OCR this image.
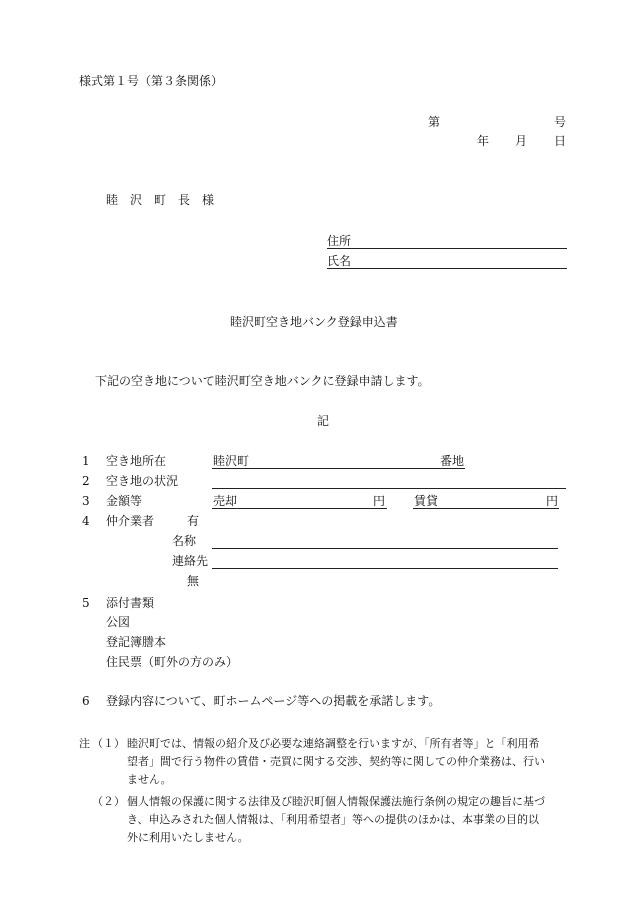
様式第１号（第３条関係）
第	号
年 月 日
睦　沢　町　長　様
住所
氏名
睦沢町空き地バンク登録申込書
下記の空き地について睦沢町空き地バンクに登録申請します。
記
1 空き地所在	睦沢町	番地
2 空き地の状況
3 金額等	売却	円 賃貸	円
4 仲介業者	有
名称
連絡先
無
5 添付書類
公図
登記簿謄本
住民票（町外の方のみ）
6 登録内容について、町ホームページ等への掲載を承諾します。
注 （１） 睦沢町では、情報の紹介及び必要な連絡調整を行いますが、「所有者等」と「利用希
望者」間で行う物件の賃借・売買に関する交渉、契約等に関しての仲介業務は、行い
ません。
（２） 個人情報の保護に関する法律及び睦沢町個人情報保護法施行条例の規定の趣旨に基づ
き、申込みされた個人情報は、「利用希望者」等への提供のほかは、本事業の目的以
外に利用いたしません。
